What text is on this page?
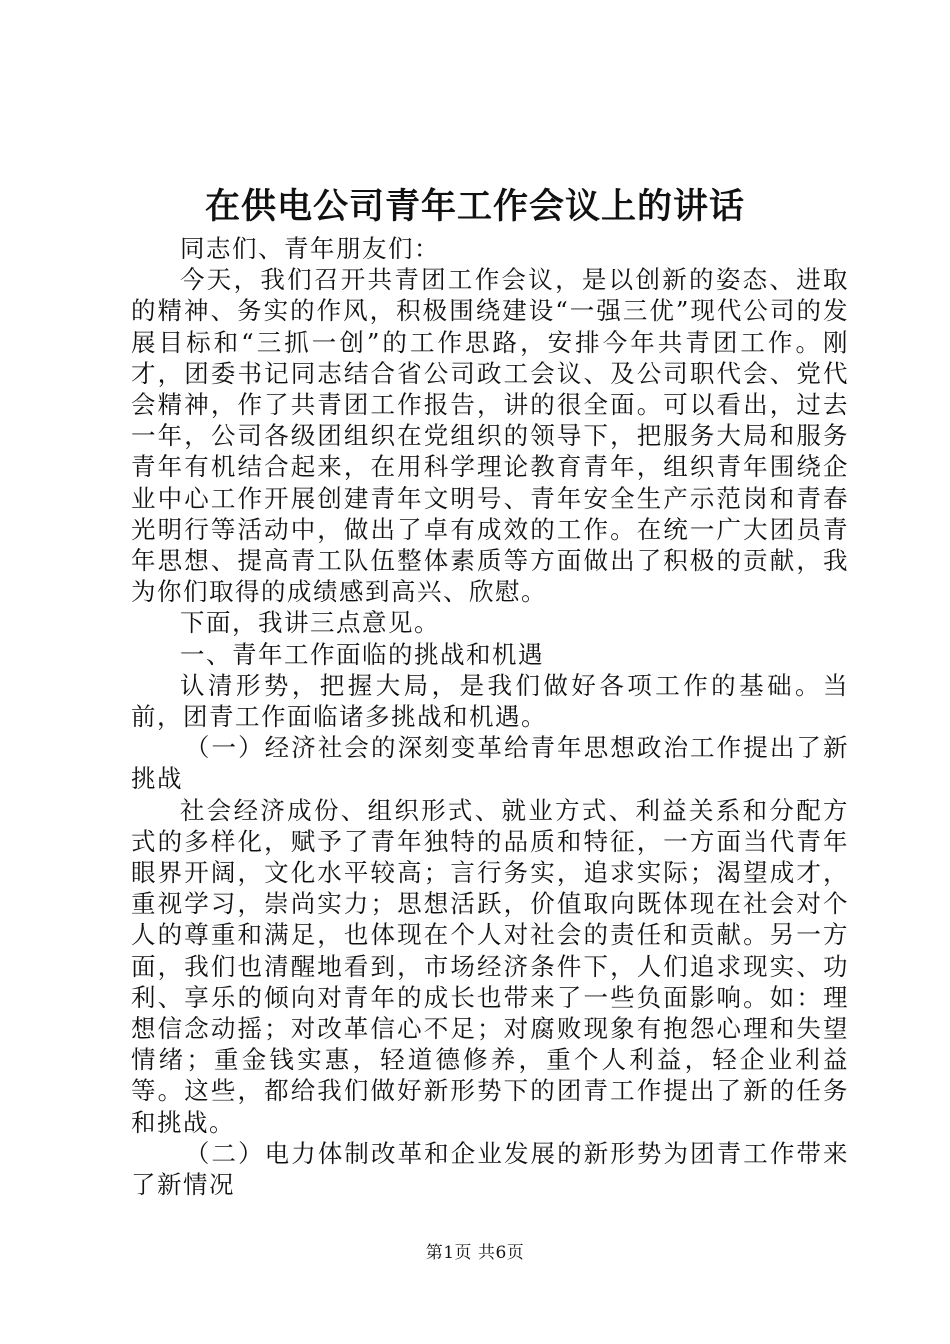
在供电公司青年工作会议上的讲话

同志们、青年朋友们：

今天，我们召开共青团工作会议，是以创新的姿态、进取的精神、务实的作风，积极围绕建设“一强三优”现代公司的发展目标和“三抓一创”的工作思路，安排今年共青团工作。刚才，团委书记同志结合省公司政工会议、及公司职代会、党代会精神，作了共青团工作报告，讲的很全面。可以看出，过去一年，公司各级团组织在党组织的领导下，把服务大局和服务青年有机结合起来，在用科学理论教育青年，组织青年围绕企业中心工作开展创建青年文明号、青年安全生产示范岗和青春光明行等活动中，做出了卓有成效的工作。在统一广大团员青年思想、提高青工队伍整体素质等方面做出了积极的贡献，我为你们取得的成绩感到高兴、欣慰。

下面，我讲三点意见。

一、青年工作面临的挑战和机遇

认清形势，把握大局，是我们做好各项工作的基础。当前，团青工作面临诸多挑战和机遇。

（一）经济社会的深刻变革给青年思想政治工作提出了新挑战

社会经济成份、组织形式、就业方式、利益关系和分配方式的多样化，赋予了青年独特的品质和特征，一方面当代青年眼界开阔，文化水平较高；言行务实，追求实际；渴望成才，重视学习，崇尚实力；思想活跃，价值取向既体现在社会对个人的尊重和满足，也体现在个人对社会的责任和贡献。另一方面，我们也清醒地看到，市场经济条件下，人们追求现实、功利、享乐的倾向对青年的成长也带来了一些负面影响。如：理想信念动摇；对改革信心不足；对腐败现象有抱怨心理和失望情绪；重金钱实惠，轻道德修养，重个人利益，轻企业利益等。这些，都给我们做好新形势下的团青工作提出了新的任务和挑战。

（二）电力体制改革和企业发展的新形势为团青工作带来了新情况

第1页 共6页
